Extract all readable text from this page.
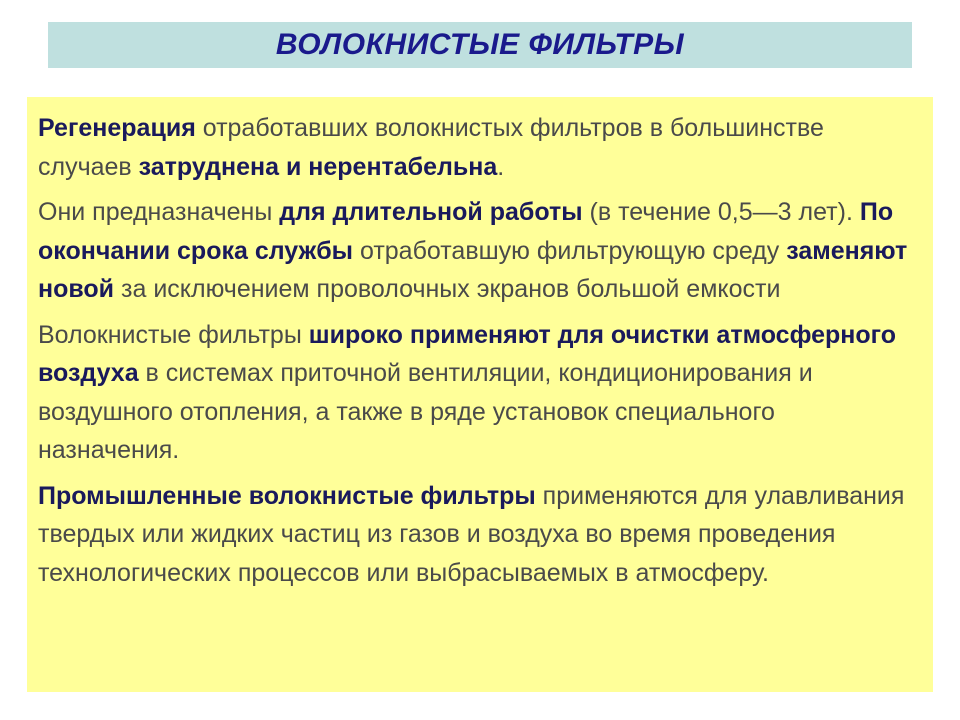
ВОЛОКНИСТЫЕ ФИЛЬТРЫ

Регенерация отработавших волокнистых фильтров в большинстве случаев затруднена и нерентабельна.

Они предназначены для длительной работы (в течение 0,5—3 лет). По окончании срока службы отработавшую фильтрующую среду заменяют новой за исключением проволочных экранов большой емкости

Волокнистые фильтры широко применяют для очистки атмосферного воздуха в системах приточной вентиляции, кондиционирования и воздушного отопления, а также в ряде установок специального назначения.

Промышленные волокнистые фильтры применяются для улавливания твердых или жидких частиц из газов и воздуха во время проведения технологических процессов или выбрасываемых в атмосферу.
